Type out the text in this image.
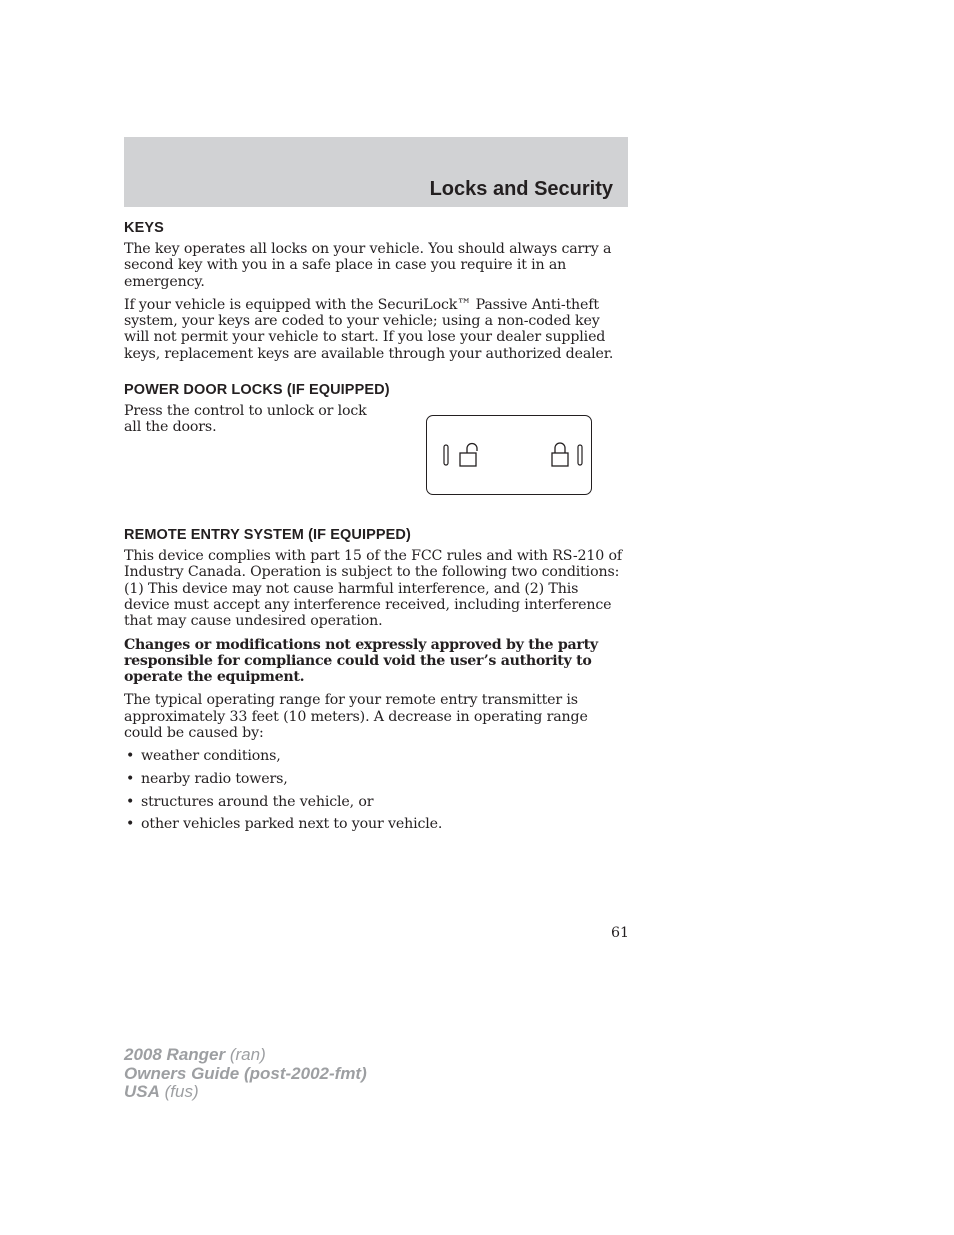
Locks and Security
KEYS

The key operates all locks on your vehicle. You should always carry a second key with you in a safe place in case you require it in an emergency.

If your vehicle is equipped with the SecuriLock™ Passive Anti-theft system, your keys are coded to your vehicle; using a non-coded key will not permit your vehicle to start. If you lose your dealer supplied keys, replacement keys are available through your authorized dealer.

POWER DOOR LOCKS (IF EQUIPPED)

Press the control to unlock or lock all the doors.

REMOTE ENTRY SYSTEM (IF EQUIPPED)

This device complies with part 15 of the FCC rules and with RS-210 of Industry Canada. Operation is subject to the following two conditions: (1) This device may not cause harmful interference, and (2) This device must accept any interference received, including interference that may cause undesired operation.

Changes or modifications not expressly approved by the party responsible for compliance could void the user’s authority to operate the equipment.

The typical operating range for your remote entry transmitter is approximately 33 feet (10 meters). A decrease in operating range could be caused by:

• weather conditions,
• nearby radio towers,
• structures around the vehicle, or
• other vehicles parked next to your vehicle.
61
2008 Ranger (ran)
Owners Guide (post-2002-fmt)
USA (fus)
